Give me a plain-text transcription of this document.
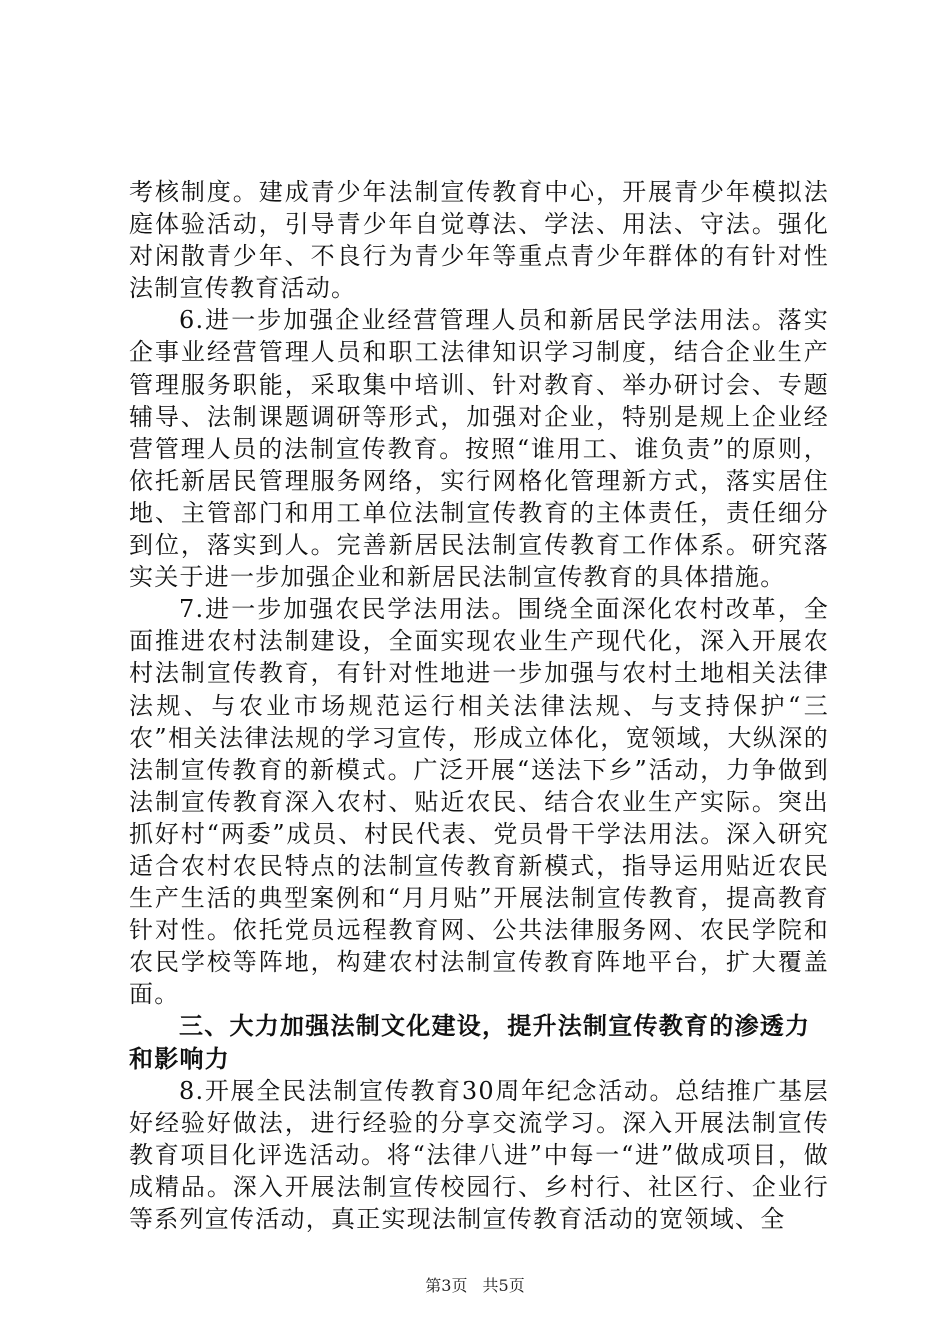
考核制度。建成青少年法制宣传教育中心，开展青少年模拟法庭体验活动，引导青少年自觉尊法、学法、用法、守法。强化对闲散青少年、不良行为青少年等重点青少年群体的有针对性法制宣传教育活动。

6.进一步加强企业经营管理人员和新居民学法用法。落实企事业经营管理人员和职工法律知识学习制度，结合企业生产管理服务职能，采取集中培训、针对教育、举办研讨会、专题辅导、法制课题调研等形式，加强对企业，特别是规上企业经营管理人员的法制宣传教育。按照“谁用工、谁负责”的原则，依托新居民管理服务网络，实行网格化管理新方式，落实居住地、主管部门和用工单位法制宣传教育的主体责任，责任细分到位，落实到人。完善新居民法制宣传教育工作体系。研究落实关于进一步加强企业和新居民法制宣传教育的具体措施。

7.进一步加强农民学法用法。围绕全面深化农村改革，全面推进农村法制建设，全面实现农业生产现代化，深入开展农村法制宣传教育，有针对性地进一步加强与农村土地相关法律法规、与农业市场规范运行相关法律法规、与支持保护“三农”相关法律法规的学习宣传，形成立体化，宽领域，大纵深的法制宣传教育的新模式。广泛开展“送法下乡”活动，力争做到法制宣传教育深入农村、贴近农民、结合农业生产实际。突出抓好村“两委”成员、村民代表、党员骨干学法用法。深入研究适合农村农民特点的法制宣传教育新模式，指导运用贴近农民生产生活的典型案例和“月月贴”开展法制宣传教育，提高教育针对性。依托党员远程教育网、公共法律服务网、农民学院和农民学校等阵地，构建农村法制宣传教育阵地平台，扩大覆盖面。

三、大力加强法制文化建设，提升法制宣传教育的渗透力和影响力

8.开展全民法制宣传教育30周年纪念活动。总结推广基层好经验好做法，进行经验的分享交流学习。深入开展法制宣传教育项目化评选活动。将“法律八进”中每一“进”做成项目，做成精品。深入开展法制宣传校园行、乡村行、社区行、企业行等系列宣传活动，真正实现法制宣传教育活动的宽领域、全

第3页 共5页
